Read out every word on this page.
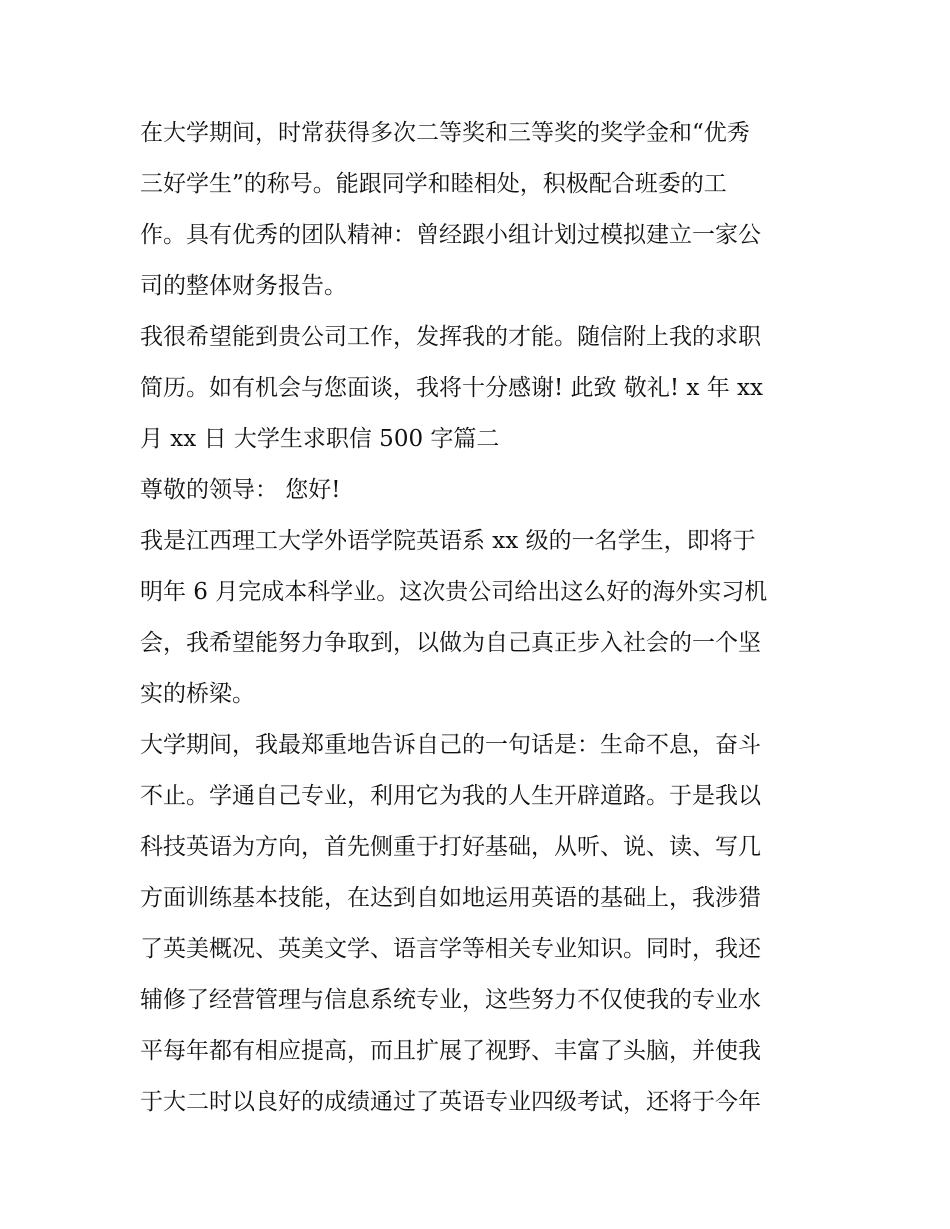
在大学期间，时常获得多次二等奖和三等奖的奖学金和“优秀
三好学生”的称号。能跟同学和睦相处，积极配合班委的工
作。具有优秀的团队精神：曾经跟小组计划过模拟建立一家公
司的整体财务报告。
我很希望能到贵公司工作，发挥我的才能。随信附上我的求职
简历。如有机会与您面谈，我将十分感谢! 此致 敬礼! x 年 xx
月 xx 日 大学生求职信 500 字篇二
尊敬的领导： 您好!
我是江西理工大学外语学院英语系 xx 级的一名学生，即将于
明年 6 月完成本科学业。这次贵公司给出这么好的海外实习机
会，我希望能努力争取到，以做为自己真正步入社会的一个坚
实的桥梁。
大学期间，我最郑重地告诉自己的一句话是：生命不息，奋斗
不止。学通自己专业，利用它为我的人生开辟道路。于是我以
科技英语为方向，首先侧重于打好基础，从听、说、读、写几
方面训练基本技能，在达到自如地运用英语的基础上，我涉猎
了英美概况、英美文学、语言学等相关专业知识。同时，我还
辅修了经营管理与信息系统专业，这些努力不仅使我的专业水
平每年都有相应提高，而且扩展了视野、丰富了头脑，并使我
于大二时以良好的成绩通过了英语专业四级考试，还将于今年
